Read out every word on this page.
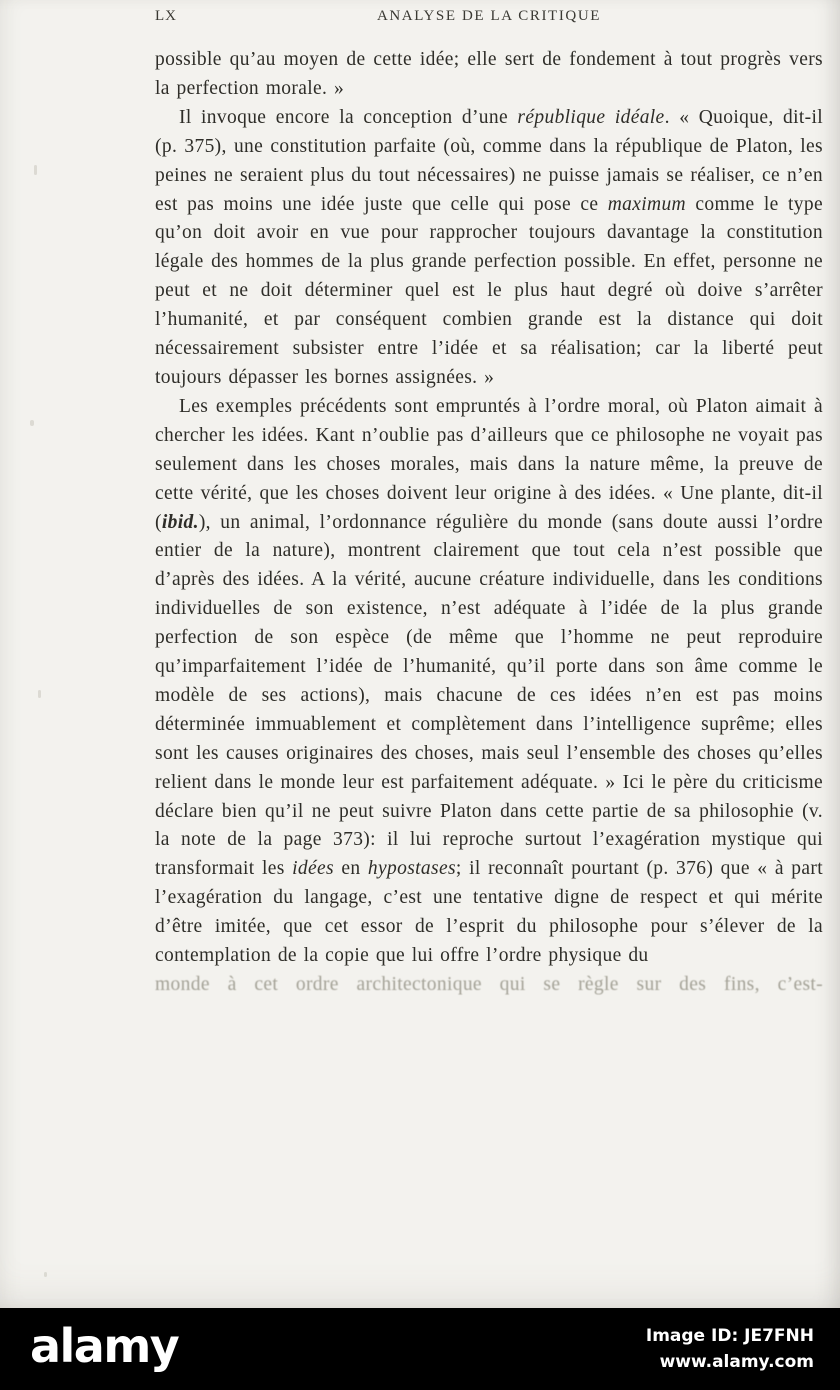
LX	ANALYSE DE LA CRITIQUE

possible qu’au moyen de cette idée; elle sert de fondement à tout progrès vers la perfection morale. »

Il invoque encore la conception d’une république idéale. « Quoique, dit-il (p. 375), une constitution parfaite (où, comme dans la république de Platon, les peines ne seraient plus du tout nécessaires) ne puisse jamais se réaliser, ce n’en est pas moins une idée juste que celle qui pose ce maximum comme le type qu’on doit avoir en vue pour rapprocher toujours davantage la constitution légale des hommes de la plus grande perfection possible. En effet, personne ne peut et ne doit déterminer quel est le plus haut degré où doive s’arrêter l’humanité, et par conséquent combien grande est la distance qui doit nécessairement subsister entre l’idée et sa réalisation; car la liberté peut toujours dépasser les bornes assignées. »

Les exemples précédents sont empruntés à l’ordre moral, où Platon aimait à chercher les idées. Kant n’oublie pas d’ailleurs que ce philosophe ne voyait pas seulement dans les choses morales, mais dans la nature même, la preuve de cette vérité, que les choses doivent leur origine à des idées. « Une plante, dit-il (ibid.), un animal, l’ordonnance régulière du monde (sans doute aussi l’ordre entier de la nature), montrent clairement que tout cela n’est possible que d’après des idées. A la vérité, aucune créature individuelle, dans les conditions individuelles de son existence, n’est adéquate à l’idée de la plus grande perfection de son espèce (de même que l’homme ne peut reproduire qu’imparfaitement l’idée de l’humanité, qu’il porte dans son âme comme le modèle de ses actions), mais chacune de ces idées n’en est pas moins déterminée immuablement et complètement dans l’intelligence suprême; elles sont les causes originaires des choses, mais seul l’ensemble des choses qu’elles relient dans le monde leur est parfaitement adéquate. » Ici le père du criticisme déclare bien qu’il ne peut suivre Platon dans cette partie de sa philosophie (v. la note de la page 373): il lui reproche surtout l’exagération mystique qui transformait les idées en hypostases; il reconnaît pourtant (p. 376) que « à part l’exagération du langage, c’est une tentative digne de respect et qui mérite d’être imitée, que cet essor de l’esprit du philosophe pour s’élever de la contemplation de la copie que lui offre l’ordre physique du

monde à cet ordre architectonique qui se règle sur des fins, c’est-

alamy	Image ID: JE7FNH
www.alamy.com
